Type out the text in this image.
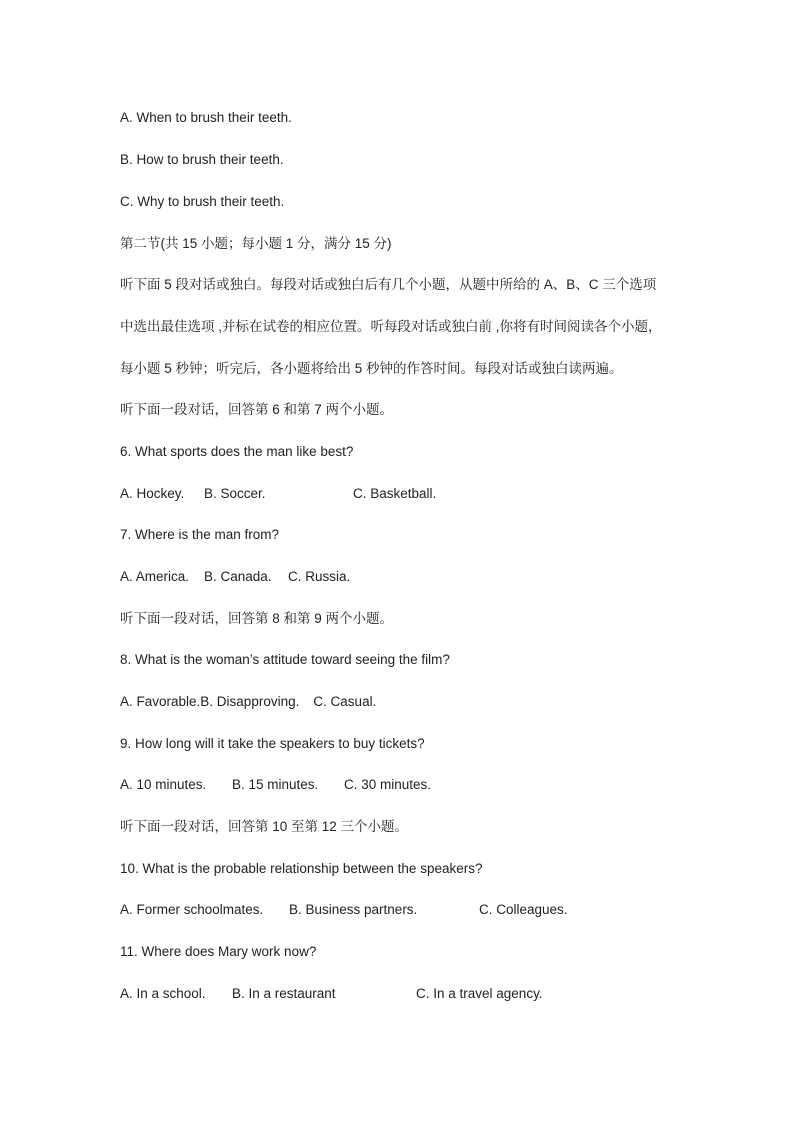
A. When to brush their teeth.
B. How to brush their teeth.
C. Why to brush their teeth.
第二节(共 15 小题；每小题 1 分，满分 15 分)
听下面 5 段对话或独白。每段对话或独白后有几个小题，从题中所给的 A、B、C 三个选项
中选出最佳选项 ,并标在试卷的相应位置。听每段对话或独白前 ,你将有时间阅读各个小题，
每小题 5 秒钟；听完后，各小题将给出 5 秒钟的作答时间。每段对话或独白读两遍。
听下面一段对话，回答第 6 和第 7 两个小题。
6. What sports does the man like best?
A. Hockey. B. Soccer.	C. Basketball.
7. Where is the man from?
A. America. B. Canada. C. Russia.
听下面一段对话，回答第 8 和第 9 两个小题。
8. What is the woman’s attitude toward seeing the film?
A. Favorable.B. Disapproving. C. Casual.
9. How long will it take the speakers to buy tickets?
A. 10 minutes. B. 15 minutes. C. 30 minutes.
听下面一段对话，回答第 10 至第 12 三个小题。
10. What is the probable relationship between the speakers?
A. Former schoolmates. B. Business partners.	C. Colleagues.
11. Where does Mary work now?
A. In a school. B. In a restaurant	C. In a travel agency.
